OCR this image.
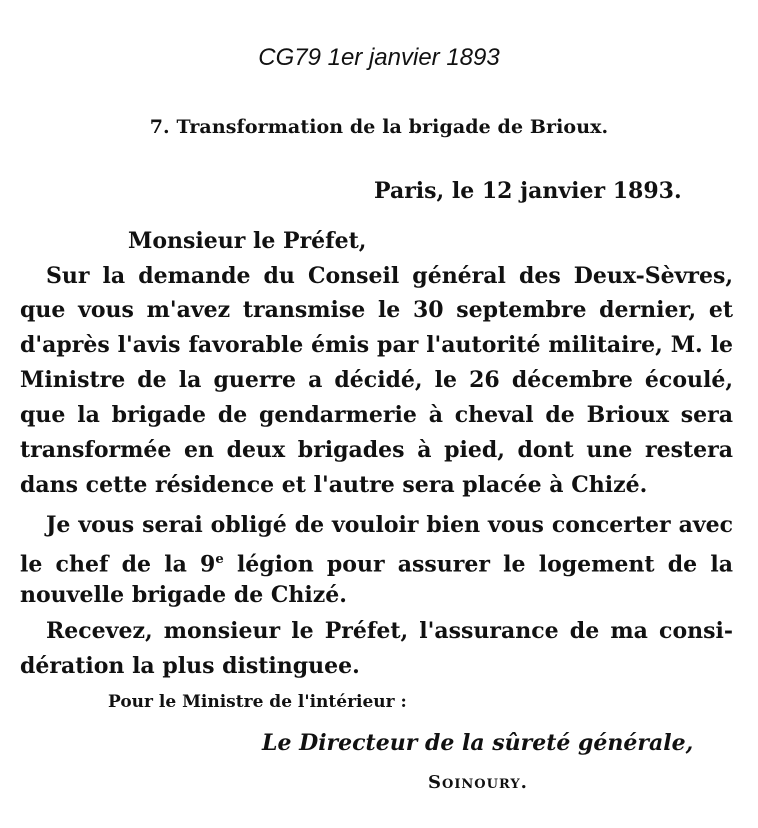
CG79 1er janvier 1893
7. Transformation de la brigade de Brioux.
Paris, le 12 janvier 1893.
Monsieur le Préfet,
Sur la demande du Conseil général des Deux-Sèvres,
que vous m'avez transmise le 30 septembre dernier, et
d'après l'avis favorable émis par l'autorité militaire, M. le
Ministre de la guerre a décidé, le 26 décembre écoulé,
que la brigade de gendarmerie à cheval de Brioux sera
transformée en deux brigades à pied, dont une restera
dans cette résidence et l'autre sera placée à Chizé.
Je vous serai obligé de vouloir bien vous concerter avec
le chef de la 9e légion pour assurer le logement de la
nouvelle brigade de Chizé.
Recevez, monsieur le Préfet, l'assurance de ma consi-
dération la plus distinguee.
Pour le Ministre de l'intérieur :
Le Directeur de la sûreté générale,
Soinoury.
